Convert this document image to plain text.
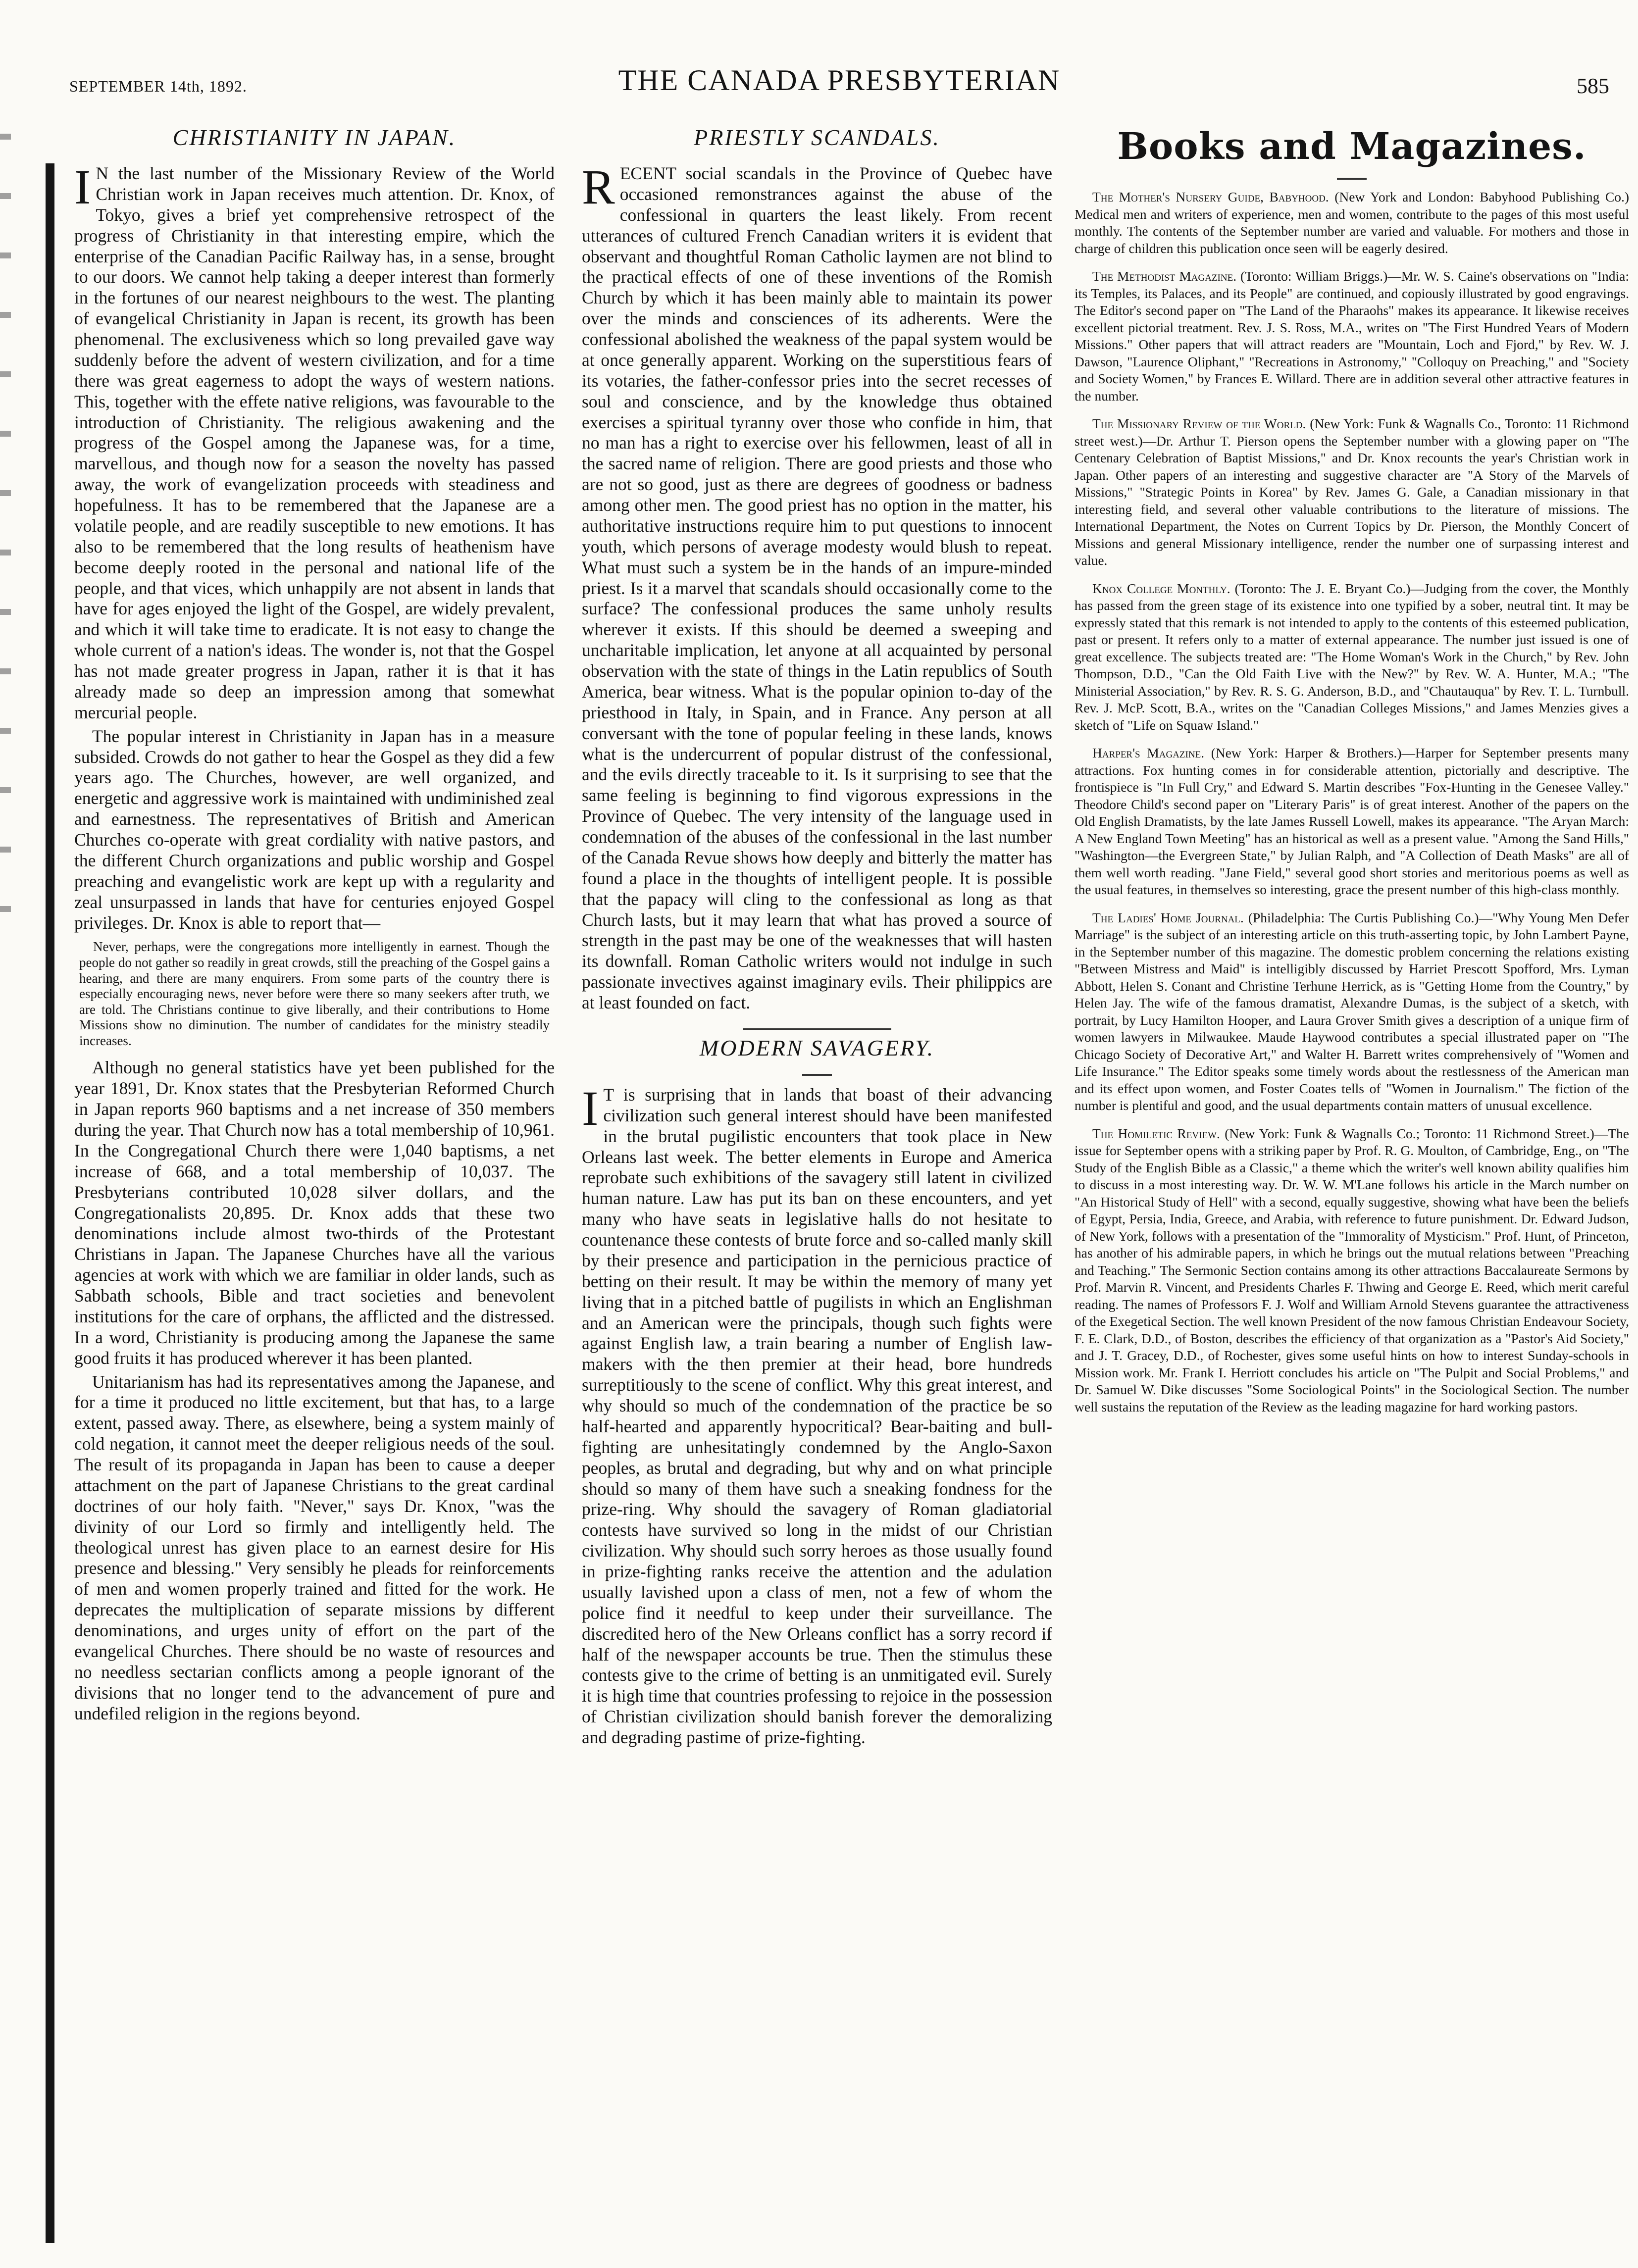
SEPTEMBER 14th, 1892.	THE CANADA PRESBYTERIAN	585
CHRISTIANITY IN JAPAN.

IN the last number of the Missionary Review of the World Christian work in Japan receives much attention. Dr. Knox, of Tokyo, gives a brief yet comprehensive retrospect of the progress of Christianity in that interesting empire, which the enterprise of the Canadian Pacific Railway has, in a sense, brought to our doors. We cannot help taking a deeper interest than formerly in the fortunes of our nearest neighbours to the west. The planting of evangelical Christianity in Japan is recent, its growth has been phenomenal. The exclusiveness which so long prevailed gave way suddenly before the advent of western civilization, and for a time there was great eagerness to adopt the ways of western nations. This, together with the effete native religions, was favourable to the introduction of Christianity. The religious awakening and the progress of the Gospel among the Japanese was, for a time, marvellous, and though now for a season the novelty has passed away, the work of evangelization proceeds with steadiness and hopefulness. It has to be remembered that the Japanese are a volatile people, and are readily susceptible to new emotions. It has also to be remembered that the long results of heathenism have become deeply rooted in the personal and national life of the people, and that vices, which unhappily are not absent in lands that have for ages enjoyed the light of the Gospel, are widely prevalent, and which it will take time to eradicate. It is not easy to change the whole current of a nation's ideas. The wonder is, not that the Gospel has not made greater progress in Japan, rather it is that it has already made so deep an impression among that somewhat mercurial people.

The popular interest in Christianity in Japan has in a measure subsided. Crowds do not gather to hear the Gospel as they did a few years ago. The Churches, however, are well organized, and energetic and aggressive work is maintained with undiminished zeal and earnestness. The representatives of British and American Churches co-operate with great cordiality with native pastors, and the different Church organizations and public worship and Gospel preaching and evangelistic work are kept up with a regularity and zeal unsurpassed in lands that have for centuries enjoyed Gospel privileges. Dr. Knox is able to report that—

Never, perhaps, were the congregations more intelligently in earnest. Though the people do not gather so readily in great crowds, still the preaching of the Gospel gains a hearing, and there are many enquirers. From some parts of the country there is especially encouraging news, never before were there so many seekers after truth, we are told. The Christians continue to give liberally, and their contributions to Home Missions show no diminution. The number of candidates for the ministry steadily increases.

Although no general statistics have yet been published for the year 1891, Dr. Knox states that the Presbyterian Reformed Church in Japan reports 960 baptisms and a net increase of 350 members during the year. That Church now has a total membership of 10,961. In the Congregational Church there were 1,040 baptisms, a net increase of 668, and a total membership of 10,037. The Presbyterians contributed 10,028 silver dollars, and the Congregationalists 20,895. Dr. Knox adds that these two denominations include almost two-thirds of the Protestant Christians in Japan. The Japanese Churches have all the various agencies at work with which we are familiar in older lands, such as Sabbath schools, Bible and tract societies and benevolent institutions for the care of orphans, the afflicted and the distressed. In a word, Christianity is producing among the Japanese the same good fruits it has produced wherever it has been planted.

Unitarianism has had its representatives among the Japanese, and for a time it produced no little excitement, but that has, to a large extent, passed away. There, as elsewhere, being a system mainly of cold negation, it cannot meet the deeper religious needs of the soul. The result of its propaganda in Japan has been to cause a deeper attachment on the part of Japanese Christians to the great cardinal doctrines of our holy faith. "Never," says Dr. Knox, "was the divinity of our Lord so firmly and intelligently held. The theological unrest has given place to an earnest desire for His presence and blessing." Very sensibly he pleads for reinforcements of men and women properly trained and fitted for the work. He deprecates the multiplication of separate missions by different denominations, and urges unity of effort on the part of the evangelical Churches. There should be no waste of resources and no needless sectarian conflicts among a people ignorant of the divisions that no longer tend to the advancement of pure and undefiled religion in the regions beyond.

PRIESTLY SCANDALS.

RECENT social scandals in the Province of Quebec have occasioned remonstrances against the abuse of the confessional in quarters the least likely. From recent utterances of cultured French Canadian writers it is evident that observant and thoughtful Roman Catholic laymen are not blind to the practical effects of one of these inventions of the Romish Church by which it has been mainly able to maintain its power over the minds and consciences of its adherents. Were the confessional abolished the weakness of the papal system would be at once generally apparent. Working on the superstitious fears of its votaries, the father-confessor pries into the secret recesses of soul and conscience, and by the knowledge thus obtained exercises a spiritual tyranny over those who confide in him, that no man has a right to exercise over his fellowmen, least of all in the sacred name of religion. There are good priests and those who are not so good, just as there are degrees of goodness or badness among other men. The good priest has no option in the matter, his authoritative instructions require him to put questions to innocent youth, which persons of average modesty would blush to repeat. What must such a system be in the hands of an impure-minded priest. Is it a marvel that scandals should occasionally come to the surface? The confessional produces the same unholy results wherever it exists. If this should be deemed a sweeping and uncharitable implication, let anyone at all acquainted by personal observation with the state of things in the Latin republics of South America, bear witness. What is the popular opinion to-day of the priesthood in Italy, in Spain, and in France. Any person at all conversant with the tone of popular feeling in these lands, knows what is the undercurrent of popular distrust of the confessional, and the evils directly traceable to it. Is it surprising to see that the same feeling is beginning to find vigorous expressions in the Province of Quebec. The very intensity of the language used in condemnation of the abuses of the confessional in the last number of the Canada Revue shows how deeply and bitterly the matter has found a place in the thoughts of intelligent people. It is possible that the papacy will cling to the confessional as long as that Church lasts, but it may learn that what has proved a source of strength in the past may be one of the weaknesses that will hasten its downfall. Roman Catholic writers would not indulge in such passionate invectives against imaginary evils. Their philippics are at least founded on fact.

MODERN SAVAGERY.

IT is surprising that in lands that boast of their advancing civilization such general interest should have been manifested in the brutal pugilistic encounters that took place in New Orleans last week. The better elements in Europe and America reprobate such exhibitions of the savagery still latent in civilized human nature. Law has put its ban on these encounters, and yet many who have seats in legislative halls do not hesitate to countenance these contests of brute force and so-called manly skill by their presence and participation in the pernicious practice of betting on their result. It may be within the memory of many yet living that in a pitched battle of pugilists in which an Englishman and an American were the principals, though such fights were against English law, a train bearing a number of English law-makers with the then premier at their head, bore hundreds surreptitiously to the scene of conflict. Why this great interest, and why should so much of the condemnation of the practice be so half-hearted and apparently hypocritical? Bear-baiting and bull-fighting are unhesitatingly condemned by the Anglo-Saxon peoples, as brutal and degrading, but why and on what principle should so many of them have such a sneaking fondness for the prize-ring. Why should the savagery of Roman gladiatorial contests have survived so long in the midst of our Christian civilization. Why should such sorry heroes as those usually found in prize-fighting ranks receive the attention and the adulation usually lavished upon a class of men, not a few of whom the police find it needful to keep under their surveillance. The discredited hero of the New Orleans conflict has a sorry record if half of the newspaper accounts be true. Then the stimulus these contests give to the crime of betting is an unmitigated evil. Surely it is high time that countries professing to rejoice in the possession of Christian civilization should banish forever the demoralizing and degrading pastime of prize-fighting.

Books and Magazines.

The Mother's Nursery Guide, Babyhood. (New York and London: Babyhood Publishing Co.) Medical men and writers of experience, men and women, contribute to the pages of this most useful monthly. The contents of the September number are varied and valuable. For mothers and those in charge of children this publication once seen will be eagerly desired.

The Methodist Magazine. (Toronto: William Briggs.)—Mr. W. S. Caine's observations on "India: its Temples, its Palaces, and its People" are continued, and copiously illustrated by good engravings. The Editor's second paper on "The Land of the Pharaohs" makes its appearance. It likewise receives excellent pictorial treatment. Rev. J. S. Ross, M.A., writes on "The First Hundred Years of Modern Missions." Other papers that will attract readers are "Mountain, Loch and Fjord," by Rev. W. J. Dawson, "Laurence Oliphant," "Recreations in Astronomy," "Colloquy on Preaching," and "Society and Society Women," by Frances E. Willard. There are in addition several other attractive features in the number.

The Missionary Review of the World. (New York: Funk & Wagnalls Co., Toronto: 11 Richmond street west.)—Dr. Arthur T. Pierson opens the September number with a glowing paper on "The Centenary Celebration of Baptist Missions," and Dr. Knox recounts the year's Christian work in Japan. Other papers of an interesting and suggestive character are "A Story of the Marvels of Missions," "Strategic Points in Korea" by Rev. James G. Gale, a Canadian missionary in that interesting field, and several other valuable contributions to the literature of missions. The International Department, the Notes on Current Topics by Dr. Pierson, the Monthly Concert of Missions and general Missionary intelligence, render the number one of surpassing interest and value.

Knox College Monthly. (Toronto: The J. E. Bryant Co.)—Judging from the cover, the Monthly has passed from the green stage of its existence into one typified by a sober, neutral tint. It may be expressly stated that this remark is not intended to apply to the contents of this esteemed publication, past or present. It refers only to a matter of external appearance. The number just issued is one of great excellence. The subjects treated are: "The Home Woman's Work in the Church," by Rev. John Thompson, D.D., "Can the Old Faith Live with the New?" by Rev. W. A. Hunter, M.A.; "The Ministerial Association," by Rev. R. S. G. Anderson, B.D., and "Chautauqua" by Rev. T. L. Turnbull. Rev. J. McP. Scott, B.A., writes on the "Canadian Colleges Missions," and James Menzies gives a sketch of "Life on Squaw Island."

Harper's Magazine. (New York: Harper & Brothers.)—Harper for September presents many attractions. Fox hunting comes in for considerable attention, pictorially and descriptive. The frontispiece is "In Full Cry," and Edward S. Martin describes "Fox-Hunting in the Genesee Valley." Theodore Child's second paper on "Literary Paris" is of great interest. Another of the papers on the Old English Dramatists, by the late James Russell Lowell, makes its appearance. "The Aryan March: A New England Town Meeting" has an historical as well as a present value. "Among the Sand Hills," "Washington—the Evergreen State," by Julian Ralph, and "A Collection of Death Masks" are all of them well worth reading. "Jane Field," several good short stories and meritorious poems as well as the usual features, in themselves so interesting, grace the present number of this high-class monthly.

The Ladies' Home Journal. (Philadelphia: The Curtis Publishing Co.)—"Why Young Men Defer Marriage" is the subject of an interesting article on this truth-asserting topic, by John Lambert Payne, in the September number of this magazine. The domestic problem concerning the relations existing "Between Mistress and Maid" is intelligibly discussed by Harriet Prescott Spofford, Mrs. Lyman Abbott, Helen S. Conant and Christine Terhune Herrick, as is "Getting Home from the Country," by Helen Jay. The wife of the famous dramatist, Alexandre Dumas, is the subject of a sketch, with portrait, by Lucy Hamilton Hooper, and Laura Grover Smith gives a description of a unique firm of women lawyers in Milwaukee. Maude Haywood contributes a special illustrated paper on "The Chicago Society of Decorative Art," and Walter H. Barrett writes comprehensively of "Women and Life Insurance." The Editor speaks some timely words about the restlessness of the American man and its effect upon women, and Foster Coates tells of "Women in Journalism." The fiction of the number is plentiful and good, and the usual departments contain matters of unusual excellence.

The Homiletic Review. (New York: Funk & Wagnalls Co.; Toronto: 11 Richmond Street.)—The issue for September opens with a striking paper by Prof. R. G. Moulton, of Cambridge, Eng., on "The Study of the English Bible as a Classic," a theme which the writer's well known ability qualifies him to discuss in a most interesting way. Dr. W. W. M'Lane follows his article in the March number on "An Historical Study of Hell" with a second, equally suggestive, showing what have been the beliefs of Egypt, Persia, India, Greece, and Arabia, with reference to future punishment. Dr. Edward Judson, of New York, follows with a presentation of the "Immorality of Mysticism." Prof. Hunt, of Princeton, has another of his admirable papers, in which he brings out the mutual relations between "Preaching and Teaching." The Sermonic Section contains among its other attractions Baccalaureate Sermons by Prof. Marvin R. Vincent, and Presidents Charles F. Thwing and George E. Reed, which merit careful reading. The names of Professors F. J. Wolf and William Arnold Stevens guarantee the attractiveness of the Exegetical Section. The well known President of the now famous Christian Endeavour Society, F. E. Clark, D.D., of Boston, describes the efficiency of that organization as a "Pastor's Aid Society," and J. T. Gracey, D.D., of Rochester, gives some useful hints on how to interest Sunday-schools in Mission work. Mr. Frank I. Herriott concludes his article on "The Pulpit and Social Problems," and Dr. Samuel W. Dike discusses "Some Sociological Points" in the Sociological Section. The number well sustains the reputation of the Review as the leading magazine for hard working pastors.
